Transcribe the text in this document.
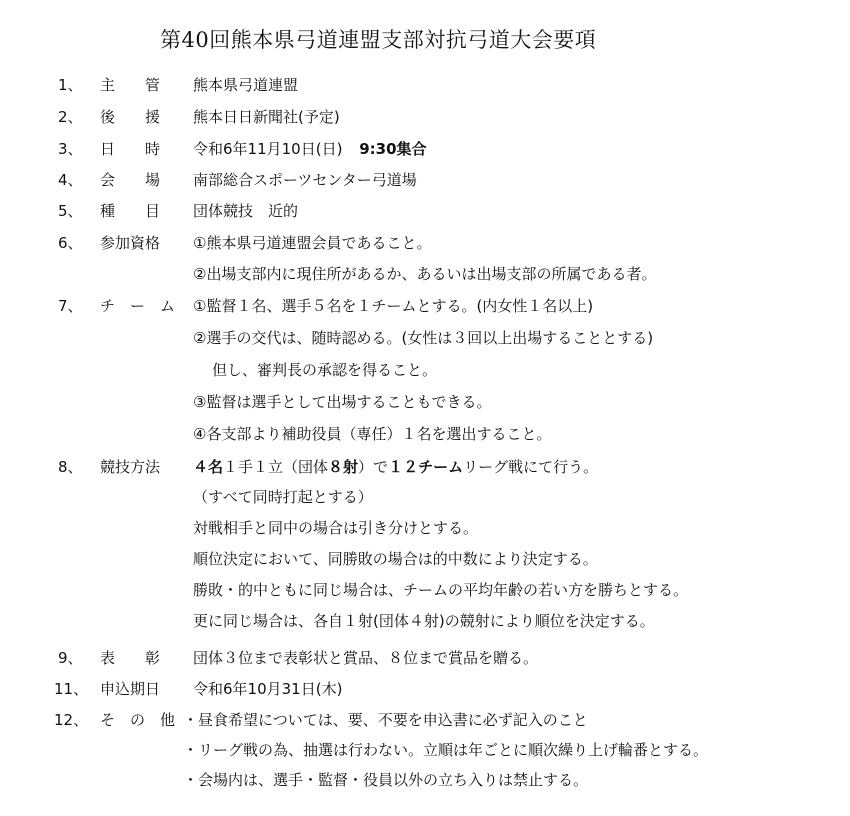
第40回熊本県弓道連盟支部対抗弓道大会要項
1、	主　　管	熊本県弓道連盟
2、	後　　援	熊本日日新聞社(予定)
3、	日　　時	令和6年11月10日(日) 9:30集合
4、	会　　場	南部総合スポーツセンター弓道場
5、	種　　目	団体競技　近的
6、	参加資格	①熊本県弓道連盟会員であること。
②出場支部内に現住所があるか、あるいは出場支部の所属である者。
7、	チ　ー　ム	①監督１名、選手５名を１チームとする。(内女性１名以上)
②選手の交代は、随時認める。(女性は３回以上出場することとする)
但し、審判長の承認を得ること。
③監督は選手として出場することもできる。
④各支部より補助役員（専任）１名を選出すること。
8、	競技方法	４名１手１立（団体８射）で１２チームリーグ戦にて行う。
（すべて同時打起とする）
対戦相手と同中の場合は引き分けとする。
順位決定において、同勝敗の場合は的中数により決定する。
勝敗・的中ともに同じ場合は、チームの平均年齢の若い方を勝ちとする。
更に同じ場合は、各自１射(団体４射)の競射により順位を決定する。
9、	表　　彰	団体３位まで表彰状と賞品、８位まで賞品を贈る。
11、 申込期日	令和6年10月31日(木)
12、 そ　の　他 ・昼食希望については、要、不要を申込書に必ず記入のこと
・リーグ戦の為、抽選は行わない。立順は年ごとに順次繰り上げ輪番とする。
・会場内は、選手・監督・役員以外の立ち入りは禁止する。
